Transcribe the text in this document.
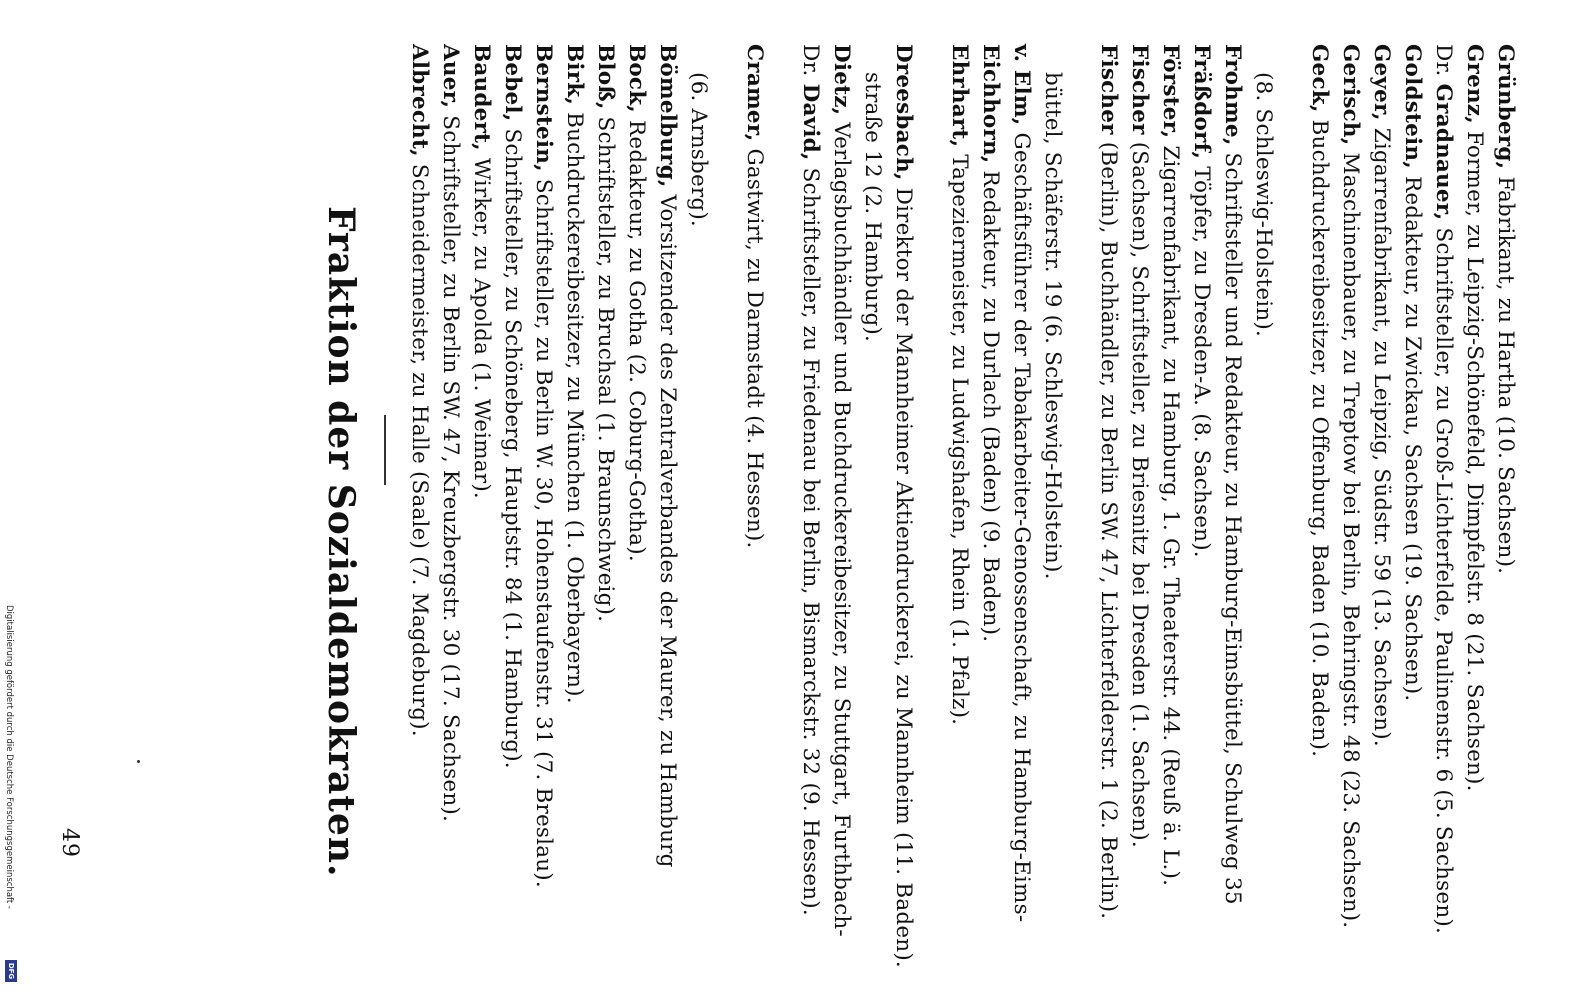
49	Fraktion der Sozialdemokraten.
Albrecht, Schneidermeister, zu Halle (Saale) (7. Magdeburg).
Auer, Schriftsteller, zu Berlin SW. 47, Kreuzbergstr. 30 (17. Sachsen).
Baudert, Wirker, zu Apolda (1. Weimar).
Bebel, Schriftsteller, zu Schöneberg, Hauptstr. 84 (1. Hamburg).
Bernstein, Schriftsteller, zu Berlin W. 30, Hohenstaufenstr. 31 (7. Breslau).
Birk, Buchdruckereibesitzer, zu München (1. Oberbayern).
Bloß, Schriftsteller, zu Bruchsal (1. Braunschweig).
Bock, Redakteur, zu Gotha (2. Coburg-Gotha). Bömelburg, Vorsitzender des Zentralverbandes der Maurer, zu Hamburg
(6. Arnsberg). Cramer, Gastwirt, zu Darmstadt (4. Hessen).
Dr. David, Schriftsteller, zu Friedenau bei Berlin, Bismarckstr. 32 (9. Hessen).
Dietz, Verlagsbuchhändler und Buchdruckereibesitzer, zu Stuttgart, Furthbach- straße 12 (2. Hamburg). Dreesbach, Direktor der Mannheimer Aktiendruckerei, zu Mannheim (11. Baden).
Ehrhart, Tapeziermeister, zu Ludwigshafen, Rhein (1. Pfalz).
Eichhorn, Redakteur, zu Durlach (Baden) (9. Baden).
v. Elm, Geschäftsführer der Tabakarbeiter-Genossenschaft, zu Hamburg-Eims- büttel, Schäferstr. 19 (6. Schleswig-Holstein). Fischer (Berlin), Buchhändler, zu Berlin SW. 47, Lichterfelderstr. 1 (2. Berlin).
Fischer (Sachsen), Schriftsteller, zu Briesnitz bei Dresden (1. Sachsen).
Förster, Zigarrenfabrikant, zu Hamburg, 1. Gr. Theaterstr. 44. (Reuß ä. L.).
Fräßdorf, Töpfer, zu Dresden-A. (8. Sachsen).
Frohme, Schriftsteller und Redakteur, zu Hamburg-Eimsbüttel, Schulweg 35 (8. Schleswig-Holstein). Geck, Buchdruckereibesitzer, zu Offenburg, Baden (10. Baden).
Gerisch, Maschinenbauer, zu Treptow bei Berlin, Behringstr. 48 (23. Sachsen).
Geyer, Zigarrenfabrikant, zu Leipzig, Südstr. 59 (13. Sachsen).
Goldstein, Redakteur, zu Zwickau, Sachsen (19. Sachsen).
Dr. Gradnauer, Schriftsteller, zu Groß-Lichterfelde, Paulinenstr. 6 (5. Sachsen).
Grenz, Former, zu Leipzig-Schönefeld, Dimpfelstr. 8 (21. Sachsen).
Grünberg, Fabrikant, zu Hartha (10. Sachsen).
Digitalisierung gefördert durch die Deutsche Forschungsgemeinschaft -
DFG
